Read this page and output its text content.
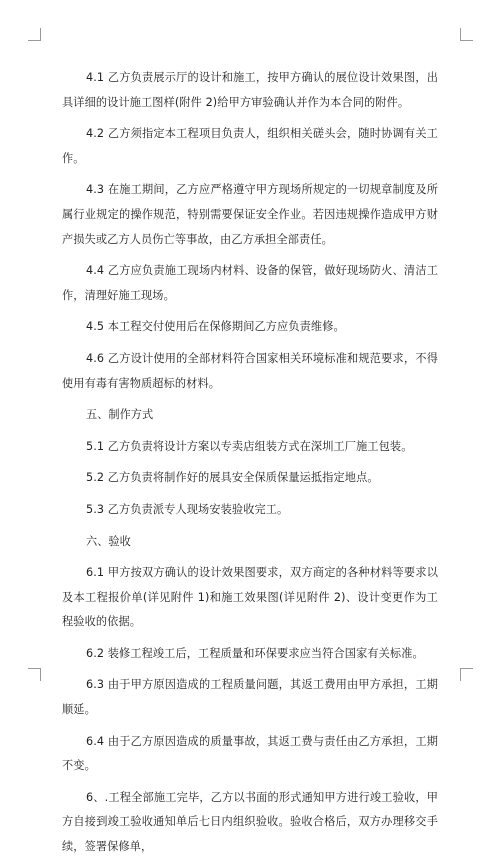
4.1 乙方负责展示厅的设计和施工，按甲方确认的展位设计效果图，出具详细的设计施工图样(附件 2)给甲方审验确认并作为本合同的附件。

4.2 乙方须指定本工程项目负责人，组织相关磋头会，随时协调有关工作。

4.3 在施工期间，乙方应严格遵守甲方现场所规定的一切规章制度及所属行业规定的操作规范，特别需要保证安全作业。若因违规操作造成甲方财产损失或乙方人员伤亡等事故，由乙方承担全部责任。

4.4 乙方应负责施工现场内材料、设备的保管，做好现场防火、清洁工作，清理好施工现场。

4.5 本工程交付使用后在保修期间乙方应负责维修。

4.6 乙方设计使用的全部材料符合国家相关环境标准和规范要求，不得使用有毒有害物质超标的材料。

五、制作方式

5.1 乙方负责将设计方案以专卖店组装方式在深圳工厂施工包装。

5.2 乙方负责将制作好的展具安全保质保量运抵指定地点。

5.3 乙方负责派专人现场安装验收完工。

六、验收

6.1 甲方按双方确认的设计效果图要求，双方商定的各种材料等要求以及本工程报价单(详见附件 1)和施工效果图(详见附件 2)、设计变更作为工程验收的依据。

6.2 装修工程竣工后，工程质量和环保要求应当符合国家有关标准。

6.3 由于甲方原因造成的工程质量问题，其返工费用由甲方承担，工期顺延。

6.4 由于乙方原因造成的质量事故，其返工费与责任由乙方承担，工期不变。

6、.工程全部施工完毕，乙方以书面的形式通知甲方进行竣工验收，甲方自接到竣工验收通知单后七日内组织验收。验收合格后，双方办理移交手续，签署保修单，
